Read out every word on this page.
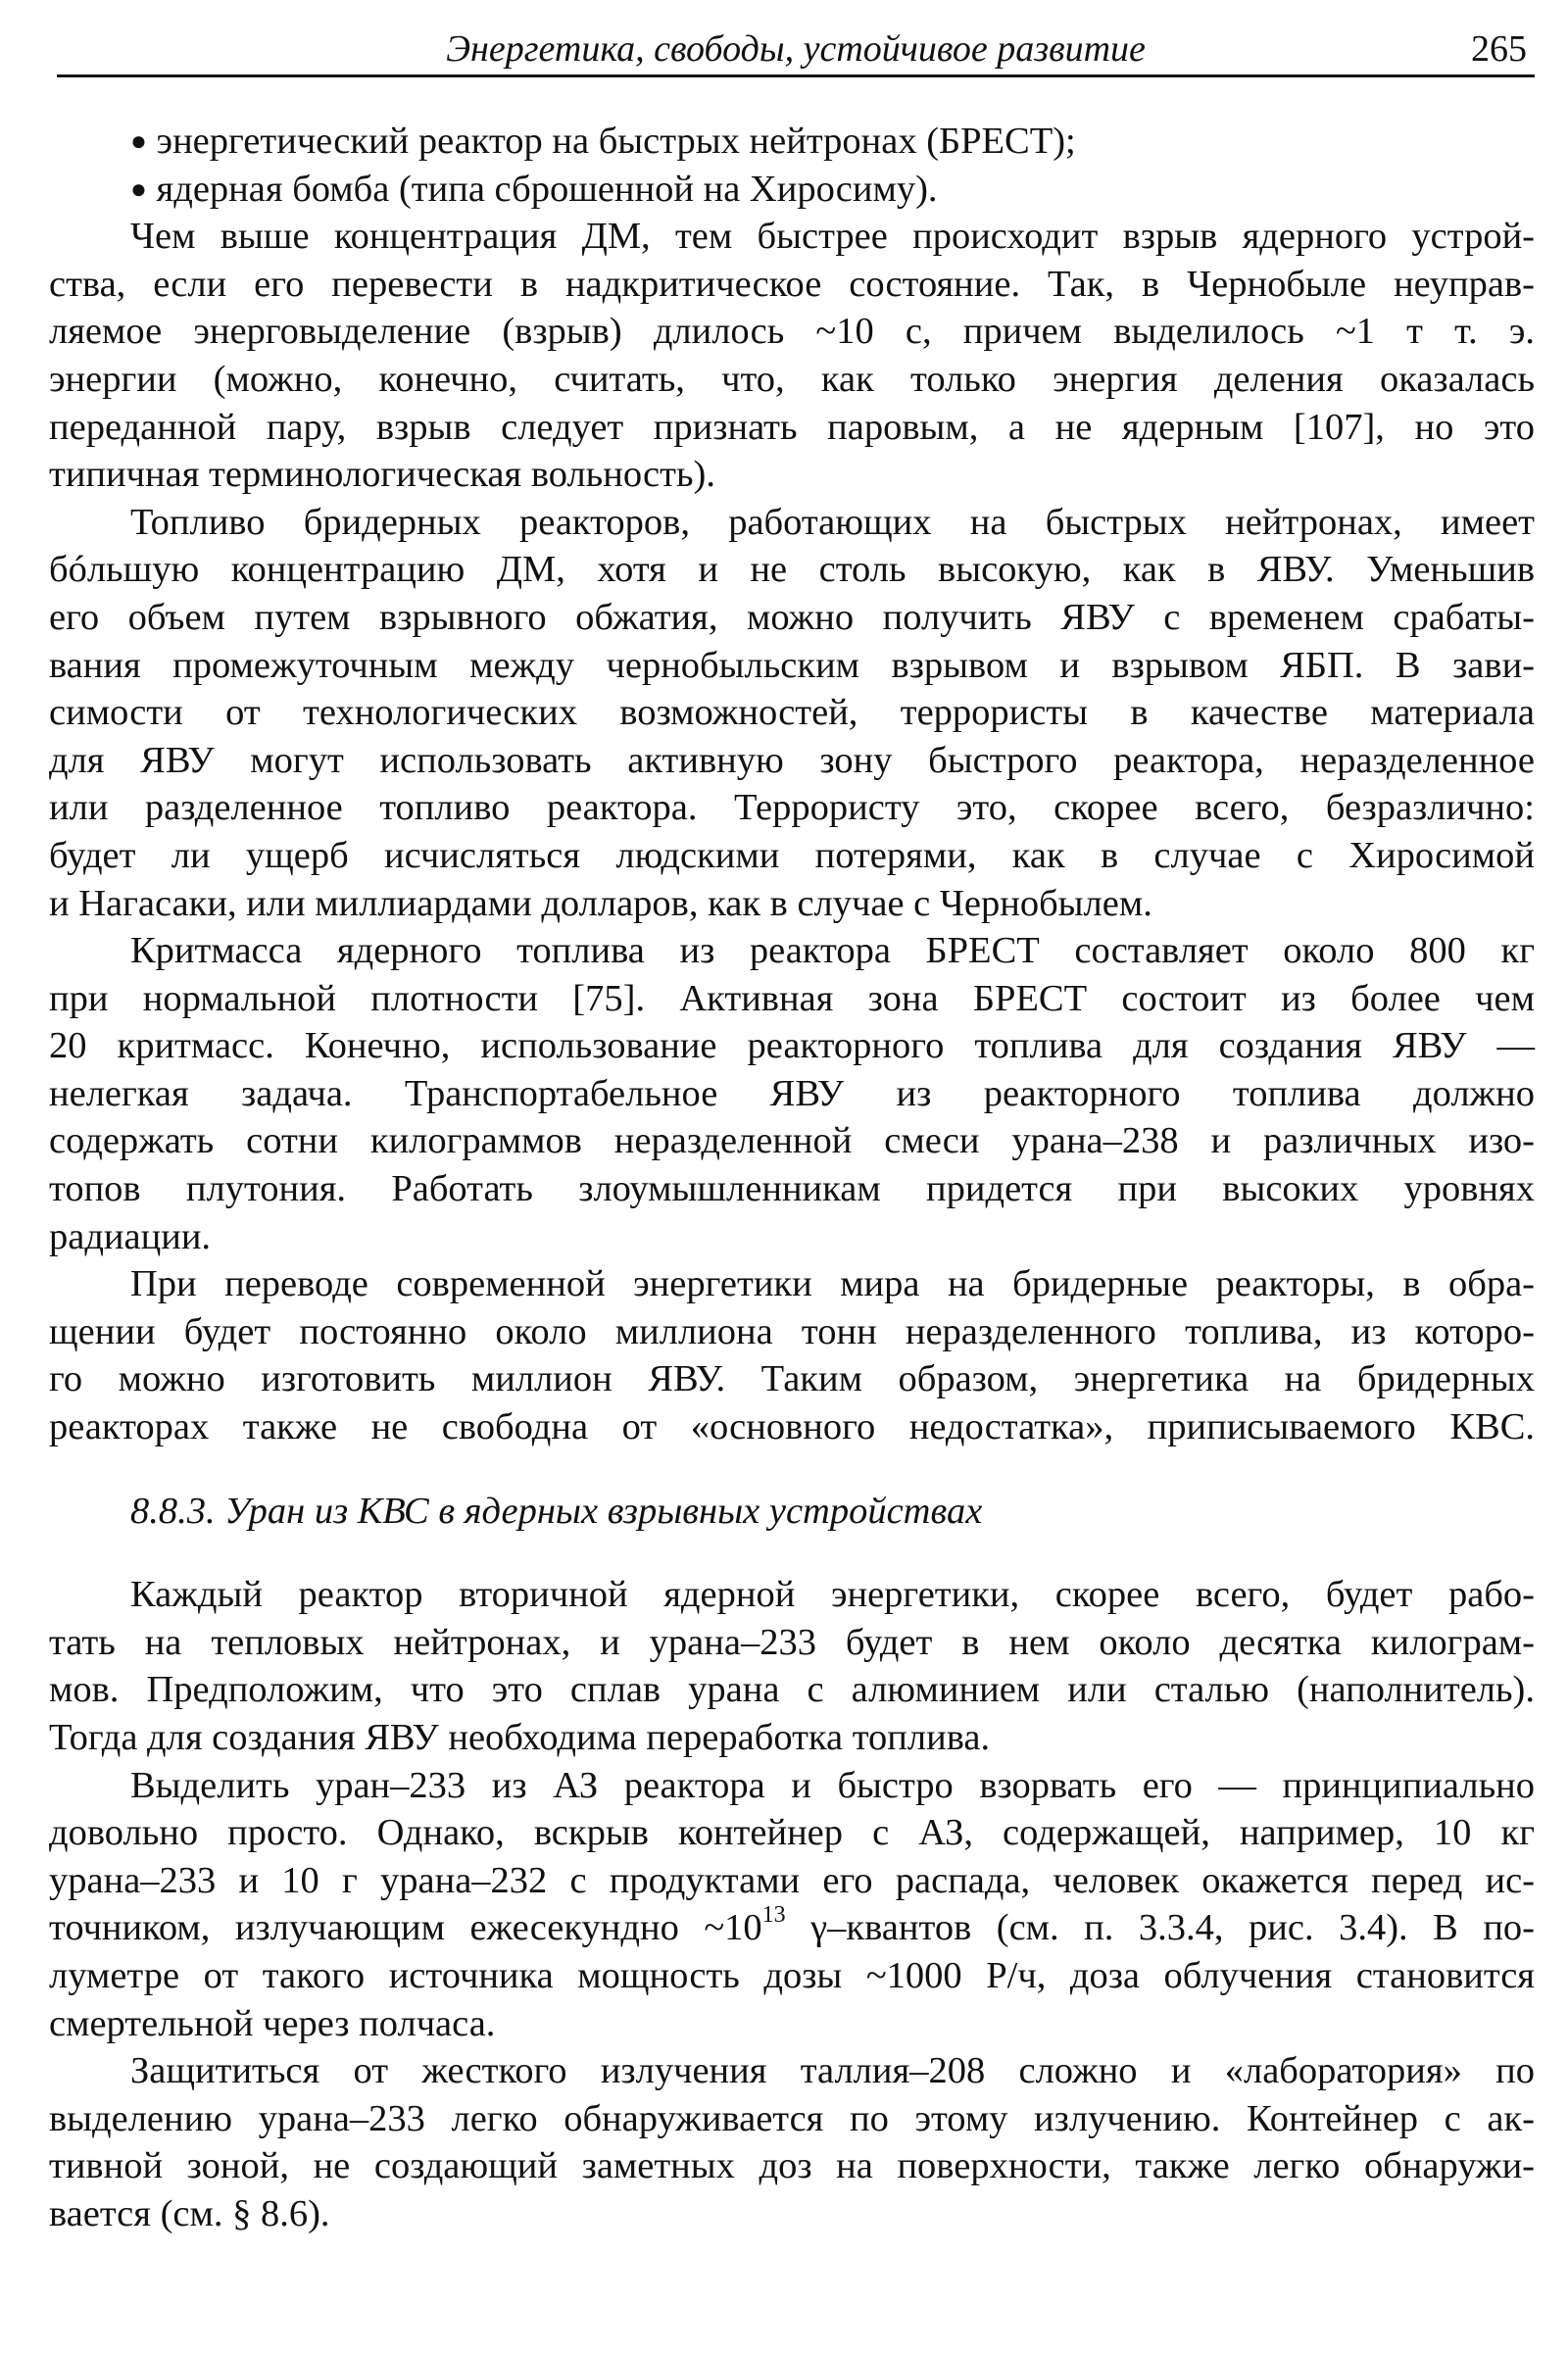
Энергетика, свободы, устойчивое развитие	265
● энергетический реактор на быстрых нейтронах (БРЕСТ);
● ядерная бомба (типа сброшенной на Хиросиму).
Чем выше концентрация ДМ, тем быстрее происходит взрыв ядерного устрой-
ства, если его перевести в надкритическое состояние. Так, в Чернобыле неуправ-
ляемое энерговыделение (взрыв) длилось ~10 с, причем выделилось ~1 т т. э.
энергии (можно, конечно, считать, что, как только энергия деления оказалась
переданной пару, взрыв следует признать паровым, а не ядерным [107], но это
типичная терминологическая вольность).
Топливо бридерных реакторов, работающих на быстрых нейтронах, имеет
бóльшую концентрацию ДМ, хотя и не столь высокую, как в ЯВУ. Уменьшив
его объем путем взрывного обжатия, можно получить ЯВУ с временем срабаты-
вания промежуточным между чернобыльским взрывом и взрывом ЯБП. В зави-
симости от технологических возможностей, террористы в качестве материала
для ЯВУ могут использовать активную зону быстрого реактора, неразделенное
или разделенное топливо реактора. Террористу это, скорее всего, безразлично:
будет ли ущерб исчисляться людскими потерями, как в случае с Хиросимой
и Нагасаки, или миллиардами долларов, как в случае с Чернобылем.
Критмасса ядерного топлива из реактора БРЕСТ составляет около 800 кг
при нормальной плотности [75]. Активная зона БРЕСТ состоит из более чем
20 критмасс. Конечно, использование реакторного топлива для создания ЯВУ —
нелегкая задача. Транспортабельное ЯВУ из реакторного топлива должно
содержать сотни килограммов неразделенной смеси урана–238 и различных изо-
топов плутония. Работать злоумышленникам придется при высоких уровнях
радиации.
При переводе современной энергетики мира на бридерные реакторы, в обра-
щении будет постоянно около миллиона тонн неразделенного топлива, из которо-
го можно изготовить миллион ЯВУ. Таким образом, энергетика на бридерных
реакторах также не свободна от «основного недостатка», приписываемого КВС.
8.8.3. Уран из КВС в ядерных взрывных устройствах
Каждый реактор вторичной ядерной энергетики, скорее всего, будет рабо-
тать на тепловых нейтронах, и урана–233 будет в нем около десятка килограм-
мов. Предположим, что это сплав урана с алюминием или сталью (наполнитель).
Тогда для создания ЯВУ необходима переработка топлива.
Выделить уран–233 из АЗ реактора и быстро взорвать его — принципиально
довольно просто. Однако, вскрыв контейнер с АЗ, содержащей, например, 10 кг
урана–233 и 10 г урана–232 с продуктами его распада, человек окажется перед ис-
точником, излучающим ежесекундно $\sim 10^{13}$ γ–квантов (см. п. 3.3.4, рис. 3.4). В по-
луметре от такого источника мощность дозы ~1000 Р/ч, доза облучения становится
смертельной через полчаса.
Защититься от жесткого излучения таллия–208 сложно и «лаборатория» по
выделению урана–233 легко обнаруживается по этому излучению. Контейнер с ак-
тивной зоной, не создающий заметных доз на поверхности, также легко обнаружи-
вается (см. § 8.6).
